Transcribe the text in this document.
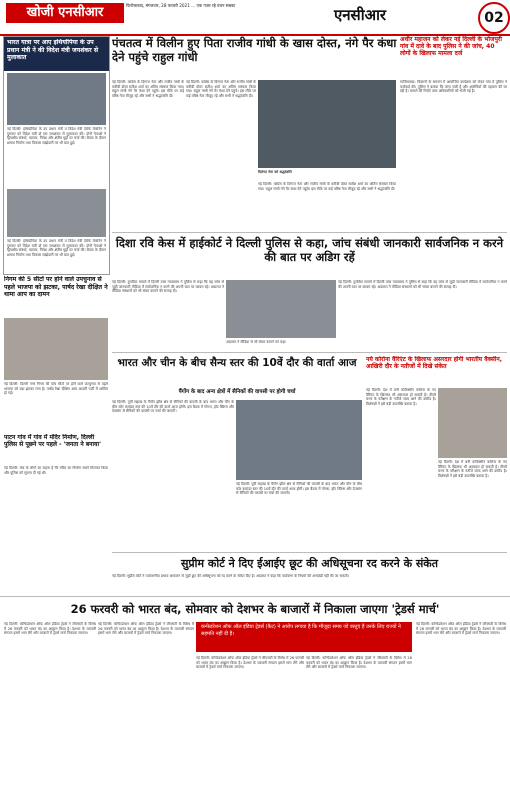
खोजी एनसीआर	फिरोजाबाद, मंगलवार, 28 फरवरी 2021 ... एक नज़र रहे वचन सबका
एनसीआर	02
भारत यात्रा पर आए इथियोपिया के उप प्रधान मंत्री ने की विदेश मंत्री जयशंकर से मुलाकात
नई दिल्ली: इथियोपिया के उप प्रधान मंत्री व विदेश मंत्री डेमेके मेकोनेन ने गुरुवार को विदेश मंत्री डॉ एस जयशंकर से मुलाकात की। दोनों नेताओं ने द्विपक्षीय संबंधों, व्यापार, निवेश और क्षेत्रीय मुद्दों पर चर्चा की। बैठक के दौरान क्षमता निर्माण तथा विकास साझेदारी पर भी बात हुई।
नई दिल्ली: इथियोपिया के उप प्रधान मंत्री व विदेश मंत्री डेमेके मेकोनेन ने गुरुवार को विदेश मंत्री डॉ एस जयशंकर से मुलाकात की। दोनों नेताओं ने द्विपक्षीय संबंधों, व्यापार, निवेश और क्षेत्रीय मुद्दों पर चर्चा की। बैठक के दौरान क्षमता निर्माण तथा विकास साझेदारी पर भी बात हुई।
निगम की 5 सीटों पर होने वाले उपचुनाव से पहले भाजपा को झटका, पार्षद रेखा दीक्षित ने थामा आप का दामन
नई दिल्ली: दिल्ली नगर निगम की पांच सीटों पर होने वाले उपचुनाव से पहले भाजपा को बड़ा झटका लगा है। पार्षद रेखा दीक्षित आम आदमी पार्टी में शामिल हो गईं।
पाटन गांव में गांव में मंदिर निर्माण, दिल्ली पुलिस से पूछने पर पहले - 'जनता ने बनाया'
नई दिल्ली: गांव के लोगों का कहना है कि मंदिर का निर्माण सबने मिलकर किया और पुलिस को सूचना दी गई थी।
पंचतत्व में विलीन हुए पिता राजीव गांधी के खास दोस्त, नंगे पैर कंधा देने पहुंचे राहुल गांधी
नई दिल्ली: कांग्रेस के दिग्गज नेता और राजीव गांधी के करीबी दोस्त सतीश शर्मा का अंतिम संस्कार किया गया। राहुल गांधी नंगे पैर कंधा देने पहुंचे। इस मौके पर कई वरिष्ठ नेता मौजूद रहे और सभी ने श्रद्धांजलि दी।
नई दिल्ली: कांग्रेस के दिग्गज नेता और राजीव गांधी के करीबी दोस्त सतीश शर्मा का अंतिम संस्कार किया गया। राहुल गांधी नंगे पैर कंधा देने पहुंचे। इस मौके पर कई वरिष्ठ नेता मौजूद रहे और सभी ने श्रद्धांजलि दी।
दिवंगत नेता को श्रद्धांजलि
नई दिल्ली: कांग्रेस के दिग्गज नेता और राजीव गांधी के करीबी दोस्त सतीश शर्मा का अंतिम संस्कार किया गया। राहुल गांधी नंगे पैर कंधा देने पहुंचे। इस मौके पर कई वरिष्ठ नेता मौजूद रहे और सभी ने श्रद्धांजलि दी।
अधीर महाजन को लेकर नई दिल्ली के भोजपुरी गांव में दावे के बाद पुलिस ने की जांच, 40 लोगों के खिलाफ मामला दर्ज
गाजियाबाद: किसानों के समर्थन में आयोजित कार्यक्रम को लेकर गांव में पुलिस ने कार्रवाई की। पुलिस ने बताया कि जांच जारी है और आरोपियों की पहचान की जा रही है। मामले की रिपोर्ट उच्च अधिकारियों को भेजी गई है।
दिशा रवि केस में हाईकोर्ट ने दिल्ली पुलिस से कहा, जांच संबंधी जानकारी सार्वजनिक न करने की बात पर अडिग रहें
नई दिल्ली: टूलकिट मामले में दिल्ली उच्च न्यायालय ने पुलिस से कहा कि वह जांच से जुड़ी जानकारी मीडिया में सार्वजनिक न करने की अपनी बात पर कायम रहे। अदालत ने मीडिया संस्थानों को भी संयम बरतने की सलाह दी।
अदालत ने मीडिया से भी संयम बरतने को कहा
नई दिल्ली: टूलकिट मामले में दिल्ली उच्च न्यायालय ने पुलिस से कहा कि वह जांच से जुड़ी जानकारी मीडिया में सार्वजनिक न करने की अपनी बात पर कायम रहे। अदालत ने मीडिया संस्थानों को भी संयम बरतने की सलाह दी।
भारत और चीन के बीच सैन्य स्तर की 10वें दौर की वार्ता आज
पैंगोंग के बाद अन्य क्षेत्रों में सैनिकों की वापसी पर होगी चर्चा
नई दिल्ली: पूर्वी लद्दाख के पैंगोंग झील क्षेत्र से सैनिकों की वापसी के बाद भारत और चीन के बीच कोर कमांडर स्तर की 10वें दौर की वार्ता आज होगी। इस बैठक में गोगरा, हॉट स्प्रिंग्स और देपसांग से सैनिकों की वापसी पर चर्चा की जाएगी।
नई दिल्ली: पूर्वी लद्दाख के पैंगोंग झील क्षेत्र से सैनिकों की वापसी के बाद भारत और चीन के बीच कोर कमांडर स्तर की 10वें दौर की वार्ता आज होगी। इस बैठक में गोगरा, हॉट स्प्रिंग्स और देपसांग से सैनिकों की वापसी पर चर्चा की जाएगी।
नये कोरोना वैरिएंट के खिलाफ असरदार होगी भारतीय वैक्सीन, आखिरी दौर के नतीजों में दिखे संकेत
नई दिल्ली: देश में बनी कोवैक्सीन कोरोना के नए वैरिएंट के खिलाफ भी असरदार हो सकती है। तीसरे चरण के परीक्षण के नतीजे जल्द आने की उम्मीद है। विशेषज्ञों ने इसे बड़ी उपलब्धि बताया है।
नई दिल्ली: देश में बनी कोवैक्सीन कोरोना के नए वैरिएंट के खिलाफ भी असरदार हो सकती है। तीसरे चरण के परीक्षण के नतीजे जल्द आने की उम्मीद है। विशेषज्ञों ने इसे बड़ी उपलब्धि बताया है।
सुप्रीम कोर्ट ने दिए ईआईए छूट की अधिसूचना रद करने के संकेत
नई दिल्ली: सुप्रीम कोर्ट ने पर्यावरणीय प्रभाव आकलन से जुड़ी छूट की अधिसूचना को रद करने के संकेत दिए हैं। अदालत ने कहा कि पर्यावरण के नियमों की अनदेखी नहीं की जा सकती।
26 फरवरी को भारत बंद, सोमवार को देशभर के बाजारों में निकाला जाएगा 'ट्रेडर्स मार्च'
नई दिल्ली: कॉन्फेडरेशन ऑफ ऑल इंडिया ट्रेडर्स ने जीएसटी के विरोध में 26 फरवरी को भारत बंद का आह्वान किया है। देशभर के व्यापारी संगठन इसमें भाग लेंगे और बाजारों में ट्रेडर्स मार्च निकाला जाएगा।
नई दिल्ली: कॉन्फेडरेशन ऑफ ऑल इंडिया ट्रेडर्स ने जीएसटी के विरोध में 26 फरवरी को भारत बंद का आह्वान किया है। देशभर के व्यापारी संगठन इसमें भाग लेंगे और बाजारों में ट्रेडर्स मार्च निकाला जाएगा।
कन्फेडरेशन ऑफ ऑल इंडिया ट्रेडर्स (कैट) ने आरोप लगाया है कि मौजूदा समय जो वस्तुएं हैं उनके लिए राज्यों ने सहमति नहीं दी है।
नई दिल्ली: कॉन्फेडरेशन ऑफ ऑल इंडिया ट्रेडर्स ने जीएसटी के विरोध में 26 फरवरी को भारत बंद का आह्वान किया है। देशभर के व्यापारी संगठन इसमें भाग लेंगे और बाजारों में ट्रेडर्स मार्च निकाला जाएगा।
नई दिल्ली: कॉन्फेडरेशन ऑफ ऑल इंडिया ट्रेडर्स ने जीएसटी के विरोध में 26 फरवरी को भारत बंद का आह्वान किया है। देशभर के व्यापारी संगठन इसमें भाग लेंगे और बाजारों में ट्रेडर्स मार्च निकाला जाएगा।
नई दिल्ली: कॉन्फेडरेशन ऑफ ऑल इंडिया ट्रेडर्स ने जीएसटी के विरोध में 26 फरवरी को भारत बंद का आह्वान किया है। देशभर के व्यापारी संगठन इसमें भाग लेंगे और बाजारों में ट्रेडर्स मार्च निकाला जाएगा।
